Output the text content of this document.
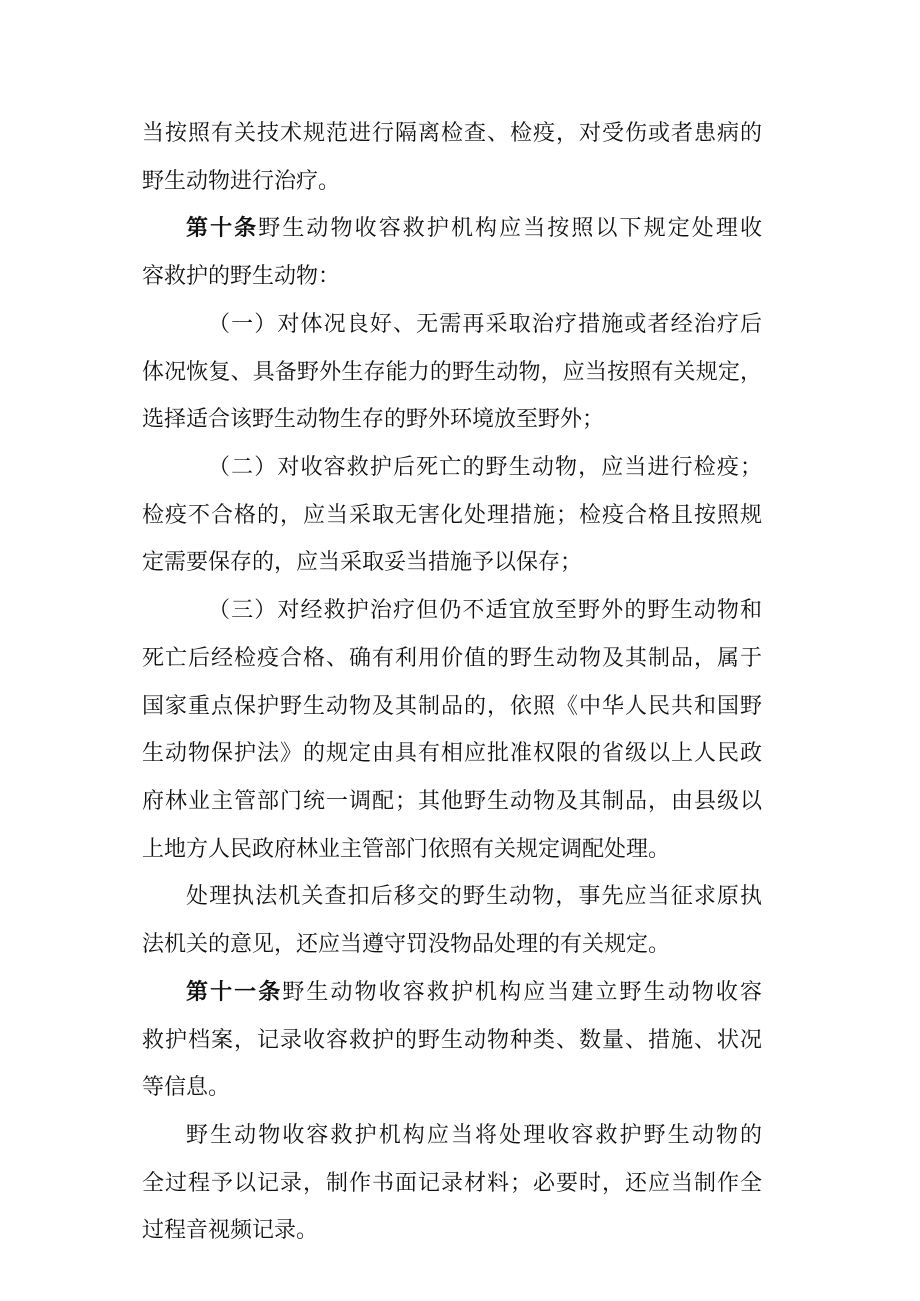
当按照有关技术规范进行隔离检查、检疫，对受伤或者患病的
野生动物进行治疗。
第十条野生动物收容救护机构应当按照以下规定处理收
容救护的野生动物：
（一）对体况良好、无需再采取治疗措施或者经治疗后
体况恢复、具备野外生存能力的野生动物，应当按照有关规定，
选择适合该野生动物生存的野外环境放至野外；
（二）对收容救护后死亡的野生动物，应当进行检疫；
检疫不合格的，应当采取无害化处理措施；检疫合格且按照规
定需要保存的，应当采取妥当措施予以保存；
（三）对经救护治疗但仍不适宜放至野外的野生动物和
死亡后经检疫合格、确有利用价值的野生动物及其制品，属于
国家重点保护野生动物及其制品的，依照《中华人民共和国野
生动物保护法》的规定由具有相应批准权限的省级以上人民政
府林业主管部门统一调配；其他野生动物及其制品，由县级以
上地方人民政府林业主管部门依照有关规定调配处理。
处理执法机关查扣后移交的野生动物，事先应当征求原执
法机关的意见，还应当遵守罚没物品处理的有关规定。
第十一条野生动物收容救护机构应当建立野生动物收容
救护档案，记录收容救护的野生动物种类、数量、措施、状况
等信息。
野生动物收容救护机构应当将处理收容救护野生动物的
全过程予以记录，制作书面记录材料；必要时，还应当制作全
过程音视频记录。
